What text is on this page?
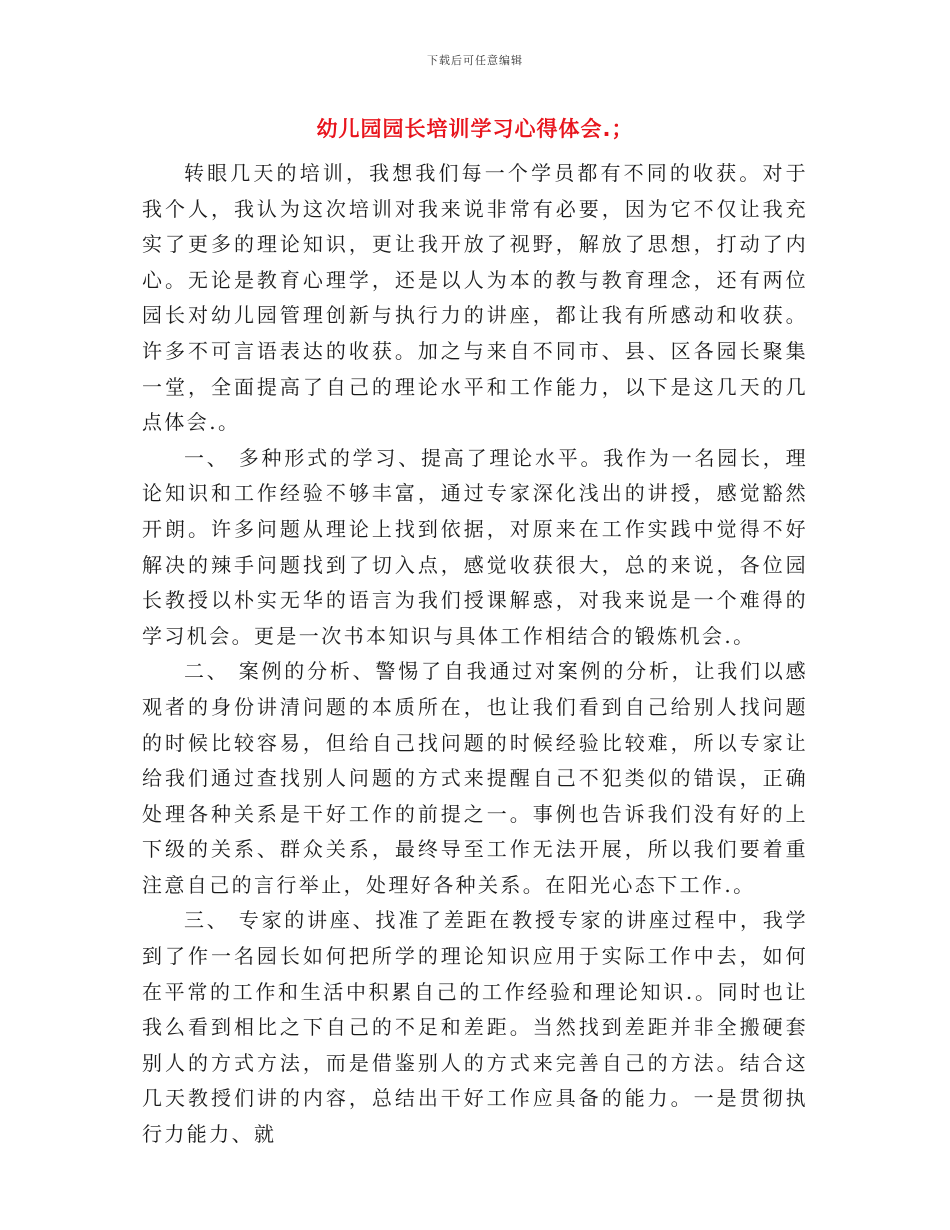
下载后可任意编辑
幼儿园园长培训学习心得体会.；

转眼几天的培训，我想我们每一个学员都有不同的收获。对于我个人，我认为这次培训对我来说非常有必要，因为它不仅让我充实了更多的理论知识，更让我开放了视野，解放了思想，打动了内心。无论是教育心理学，还是以人为本的教与教育理念，还有两位园长对幼儿园管理创新与执行力的讲座，都让我有所感动和收获。许多不可言语表达的收获。加之与来自不同市、县、区各园长聚集一堂，全面提高了自己的理论水平和工作能力，以下是这几天的几点体会.。

一、 多种形式的学习、提高了理论水平。我作为一名园长，理论知识和工作经验不够丰富，通过专家深化浅出的讲授，感觉豁然开朗。许多问题从理论上找到依据，对原来在工作实践中觉得不好解决的辣手问题找到了切入点，感觉收获很大，总的来说，各位园长教授以朴实无华的语言为我们授课解惑，对我来说是一个难得的学习机会。更是一次书本知识与具体工作相结合的锻炼机会.。

二、 案例的分析、警惕了自我通过对案例的分析，让我们以感观者的身份讲清问题的本质所在，也让我们看到自己给别人找问题的时候比较容易，但给自己找问题的时候经验比较难，所以专家让给我们通过查找别人问题的方式来提醒自己不犯类似的错误，正确处理各种关系是干好工作的前提之一。事例也告诉我们没有好的上下级的关系、群众关系，最终导至工作无法开展，所以我们要着重注意自己的言行举止，处理好各种关系。在阳光心态下工作.。

三、 专家的讲座、找准了差距在教授专家的讲座过程中，我学到了作一名园长如何把所学的理论知识应用于实际工作中去，如何在平常的工作和生活中积累自己的工作经验和理论知识.。同时也让我么看到相比之下自己的不足和差距。当然找到差距并非全搬硬套别人的方式方法，而是借鉴别人的方式来完善自己的方法。结合这几天教授们讲的内容，总结出干好工作应具备的能力。一是贯彻执行力能力、就
